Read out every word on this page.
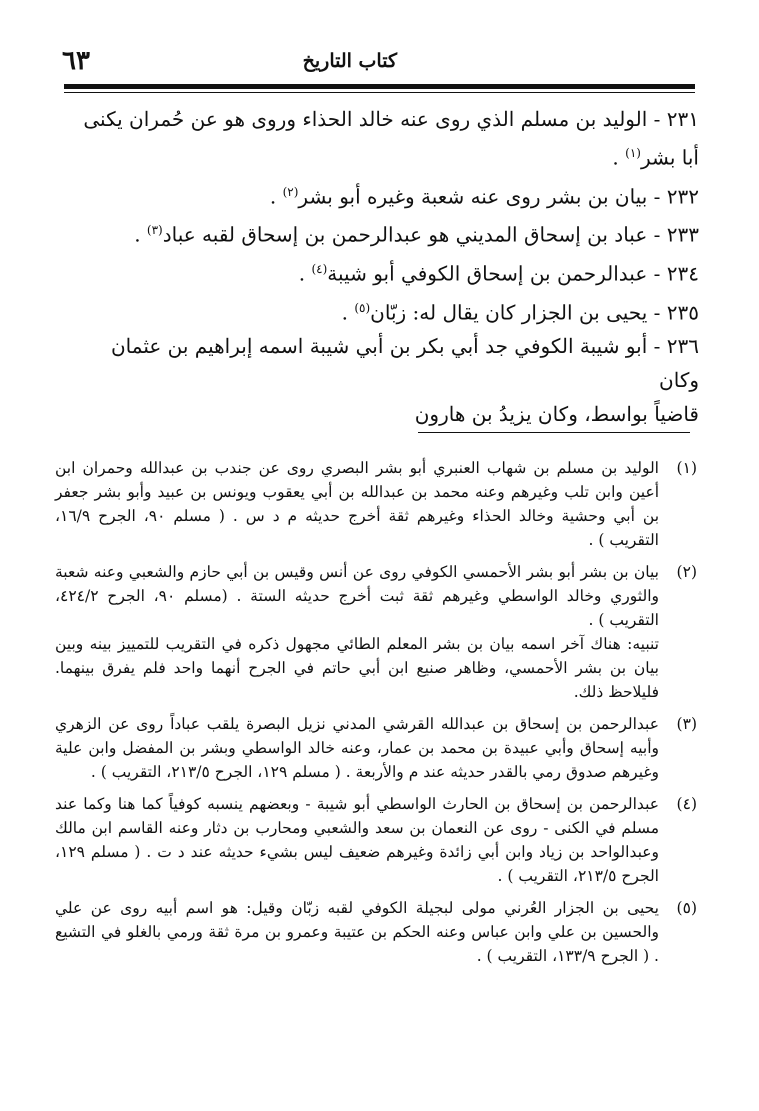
كتاب التاريخ
٦٣

٢٣١ - الوليد بن مسلم الذي روى عنه خالد الحذاء وروى هو عن حُمران يكنى
أبا بشر$^{(١)}$ .

٢٣٢ - بيان بن بشر روى عنه شعبة وغيره أبو بشر$^{(٢)}$ .

٢٣٣ - عباد بن إسحاق المديني هو عبدالرحمن بن إسحاق لقبه عباد$^{(٣)}$ .

٢٣٤ - عبدالرحمن بن إسحاق الكوفي أبو شيبة$^{(٤)}$ .

٢٣٥ - يحيى بن الجزار كان يقال له: زبّان$^{(٥)}$ .

٢٣٦ - أبو شيبة الكوفي جد أبي بكر بن أبي شيبة اسمه إبراهيم بن عثمان وكان
قاضياً بواسط، وكان يزيدُ بن هارون

(١)

الوليد بن مسلم بن شهاب العنبري أبو بشر البصري روى عن جندب بن عبدالله وحمران ابن أعين وابن تلب وغيرهم وعنه محمد بن عبدالله بن أبي يعقوب ويونس بن عبيد وأبو بشر جعفر بن أبي وحشية وخالد الحذاء وغيرهم ثقة أخرج حديثه م د س . ( مسلم ٩٠، الجرح ١٦/٩، التقريب ) .

(٢)

بيان بن بشر أبو بشر الأحمسي الكوفي روى عن أنس وقيس بن أبي حازم والشعبي وعنه شعبة والثوري وخالد الواسطي وغيرهم ثقة ثبت أخرج حديثه الستة . (مسلم ٩٠، الجرح ٤٢٤/٢، التقريب ) .

تنبيه: هناك آخر اسمه بيان بن بشر المعلم الطائي مجهول ذكره في التقريب للتمييز بينه وبين بيان بن بشر الأحمسي، وظاهر صنيع ابن أبي حاتم في الجرح أنهما واحد فلم يفرق بينهما. فليلاحظ ذلك.

(٣)

عبدالرحمن بن إسحاق بن عبدالله القرشي المدني نزيل البصرة يلقب عباداً روى عن الزهري وأبيه إسحاق وأبي عبيدة بن محمد بن عمار، وعنه خالد الواسطي وبشر بن المفضل وابن علية وغيرهم صدوق رمي بالقدر حديثه عند م والأربعة . ( مسلم ١٢٩، الجرح ٢١٣/٥، التقريب ) .

(٤)

عبدالرحمن بن إسحاق بن الحارث الواسطي أبو شيبة - وبعضهم ينسبه كوفياً كما هنا وكما عند مسلم في الكنى - روى عن النعمان بن سعد والشعبي ومحارب بن دثار وعنه القاسم ابن مالك وعبدالواحد بن زياد وابن أبي زائدة وغيرهم ضعيف ليس بشيء حديثه عند د ت . ( مسلم ١٢٩، الجرح ٢١٣/٥، التقريب ) .

(٥)

يحيى بن الجزار العُرني مولى لبجيلة الكوفي لقبه زبّان وقيل: هو اسم أبيه روى عن علي والحسين بن علي وابن عباس وعنه الحكم بن عتيبة وعمرو بن مرة ثقة ورمي بالغلو في التشيع . ( الجرح ١٣٣/٩، التقريب ) .
